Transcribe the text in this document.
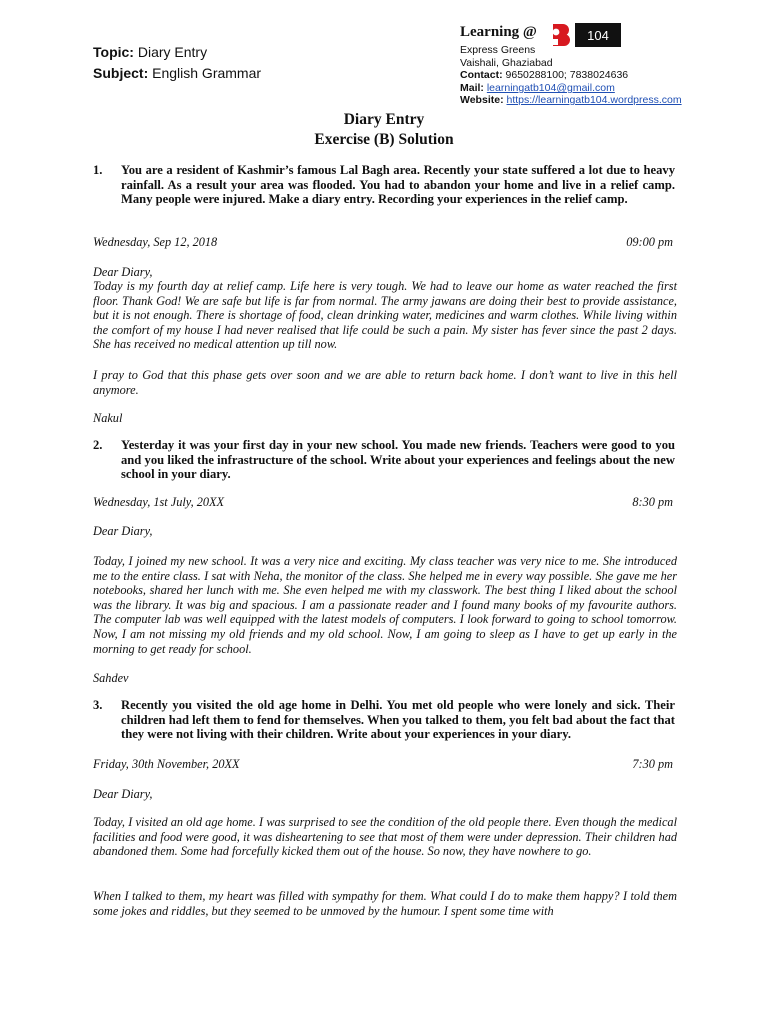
Topic: Diary Entry
Subject: English Grammar
Learning @	104
Express Greens
Vaishali, Ghaziabad
Contact: 9650288100; 7838024636
Mail: learningatb104@gmail.com
Website: https://learningatb104.wordpress.com
Diary Entry
Exercise (B) Solution
1. You are a resident of Kashmir’s famous Lal Bagh area. Recently your state suffered a lot due to heavy rainfall. As a result your area was flooded. You had to abandon your home and live in a relief camp. Many people were injured. Make a diary entry. Recording your experiences in the relief camp.
Wednesday, Sep 12, 2018	09:00 pm
Dear Diary,
Today is my fourth day at relief camp. Life here is very tough. We had to leave our home as water reached the first floor. Thank God! We are safe but life is far from normal. The army jawans are doing their best to provide assistance, but it is not enough. There is shortage of food, clean drinking water, medicines and warm clothes. While living within the comfort of my house I had never realised that life could be such a pain. My sister has fever since the past 2 days. She has received no medical attention up till now.
I pray to God that this phase gets over soon and we are able to return back home. I don’t want to live in this hell anymore.
Nakul
2. Yesterday it was your first day in your new school. You made new friends. Teachers were good to you and you liked the infrastructure of the school. Write about your experiences and feelings about the new school in your diary.
Wednesday, 1st July, 20XX	8:30 pm
Dear Diary,
Today, I joined my new school. It was a very nice and exciting. My class teacher was very nice to me. She introduced me to the entire class. I sat with Neha, the monitor of the class. She helped me in every way possible. She gave me her notebooks, shared her lunch with me. She even helped me with my classwork. The best thing I liked about the school was the library. It was big and spacious. I am a passionate reader and I found many books of my favourite authors. The computer lab was well equipped with the latest models of computers. I look forward to going to school tomorrow. Now, I am not missing my old friends and my old school. Now, I am going to sleep as I have to get up early in the morning to get ready for school.
Sahdev
3. Recently you visited the old age home in Delhi. You met old people who were lonely and sick. Their children had left them to fend for themselves. When you talked to them, you felt bad about the fact that they were not living with their children. Write about your experiences in your diary.
Friday, 30th November, 20XX	7:30 pm
Dear Diary,
Today, I visited an old age home. I was surprised to see the condition of the old people there. Even though the medical facilities and food were good, it was disheartening to see that most of them were under depression. Their children had abandoned them. Some had forcefully kicked them out of the house. So now, they have nowhere to go.
When I talked to them, my heart was filled with sympathy for them. What could I do to make them happy? I told them some jokes and riddles, but they seemed to be unmoved by the humour. I spent some time with
